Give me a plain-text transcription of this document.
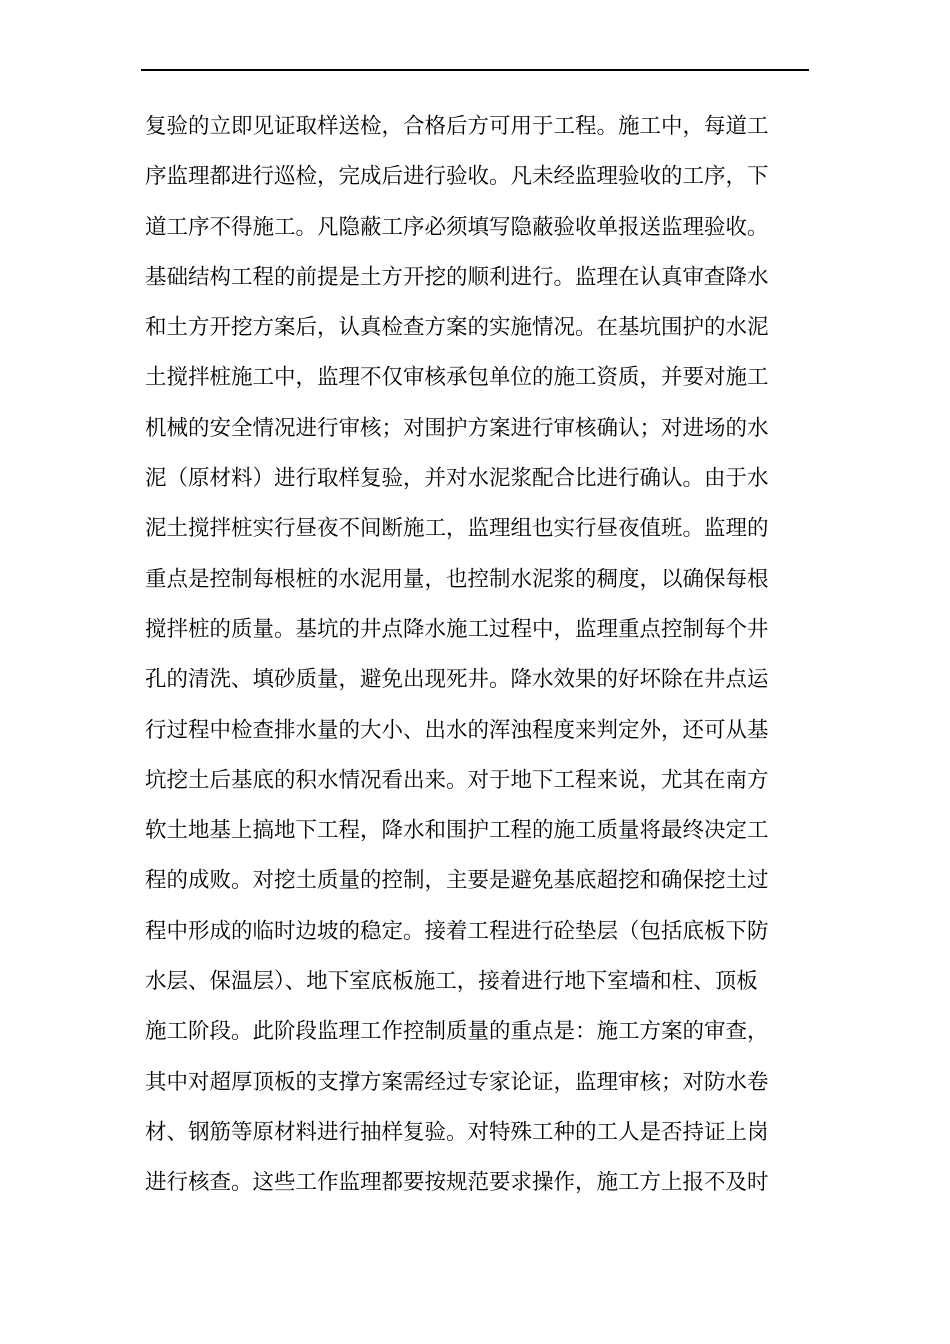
复验的立即见证取样送检，合格后方可用于工程。施工中，每道工
序监理都进行巡检，完成后进行验收。凡未经监理验收的工序，下
道工序不得施工。凡隐蔽工序必须填写隐蔽验收单报送监理验收。
基础结构工程的前提是土方开挖的顺利进行。监理在认真审查降水
和土方开挖方案后，认真检查方案的实施情况。在基坑围护的水泥
土搅拌桩施工中，监理不仅审核承包单位的施工资质，并要对施工
机械的安全情况进行审核；对围护方案进行审核确认；对进场的水
泥（原材料）进行取样复验，并对水泥浆配合比进行确认。由于水
泥土搅拌桩实行昼夜不间断施工，监理组也实行昼夜值班。监理的
重点是控制每根桩的水泥用量，也控制水泥浆的稠度，以确保每根
搅拌桩的质量。基坑的井点降水施工过程中，监理重点控制每个井
孔的清洗、填砂质量，避免出现死井。降水效果的好坏除在井点运
行过程中检查排水量的大小、出水的浑浊程度来判定外，还可从基
坑挖土后基底的积水情况看出来。对于地下工程来说，尤其在南方
软土地基上搞地下工程，降水和围护工程的施工质量将最终决定工
程的成败。对挖土质量的控制，主要是避免基底超挖和确保挖土过
程中形成的临时边坡的稳定。接着工程进行砼垫层（包括底板下防
水层、保温层）、地下室底板施工，接着进行地下室墙和柱、顶板
施工阶段。此阶段监理工作控制质量的重点是：施工方案的审查，
其中对超厚顶板的支撑方案需经过专家论证，监理审核；对防水卷
材、钢筋等原材料进行抽样复验。对特殊工种的工人是否持证上岗
进行核查。这些工作监理都要按规范要求操作，施工方上报不及时
